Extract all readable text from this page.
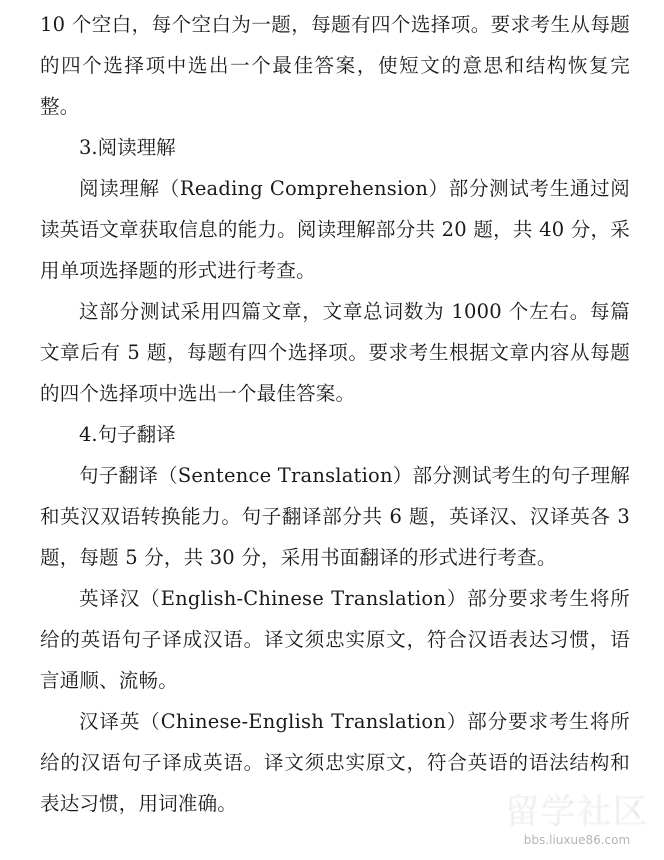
10 个空白，每个空白为一题，每题有四个选择项。要求考生从每题的四个选择项中选出一个最佳答案，使短文的意思和结构恢复完整。

3.阅读理解

阅读理解（Reading Comprehension）部分测试考生通过阅读英语文章获取信息的能力。阅读理解部分共 20 题，共 40 分，采用单项选择题的形式进行考查。

这部分测试采用四篇文章，文章总词数为 1000 个左右。每篇文章后有 5 题，每题有四个选择项。要求考生根据文章内容从每题的四个选择项中选出一个最佳答案。

4.句子翻译

句子翻译（Sentence Translation）部分测试考生的句子理解和英汉双语转换能力。句子翻译部分共 6 题，英译汉、汉译英各 3 题，每题 5 分，共 30 分，采用书面翻译的形式进行考查。

英译汉（English-Chinese Translation）部分要求考生将所给的英语句子译成汉语。译文须忠实原文，符合汉语表达习惯，语言通顺、流畅。

汉译英（Chinese-English Translation）部分要求考生将所给的汉语句子译成英语。译文须忠实原文，符合英语的语法结构和表达习惯，用词准确。	留学社区
bbs.liuxue86.com
